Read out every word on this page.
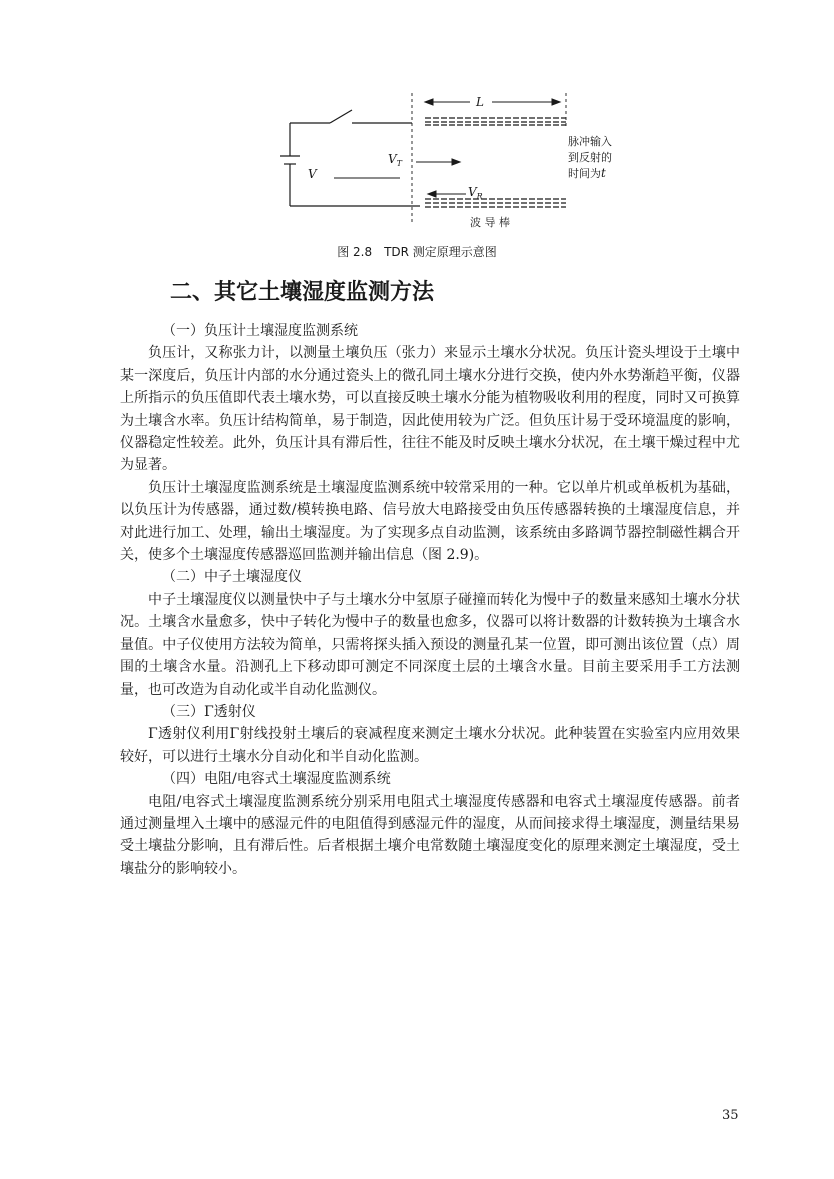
L
V
$V_T$
$V_R$
脉冲输入
到反射的
时间为t
波 导 棒
图 2.8　TDR 测定原理示意图
二、其它土壤湿度监测方法

（一）负压计土壤湿度监测系统

负压计，又称张力计，以测量土壤负压（张力）来显示土壤水分状况。负压计瓷头埋设于土壤中某一深度后，负压计内部的水分通过瓷头上的微孔同土壤水分进行交换，使内外水势渐趋平衡，仪器上所指示的负压值即代表土壤水势，可以直接反映土壤水分能为植物吸收利用的程度，同时又可换算为土壤含水率。负压计结构简单，易于制造，因此使用较为广泛。但负压计易于受环境温度的影响，仪器稳定性较差。此外，负压计具有滞后性，往往不能及时反映土壤水分状况，在土壤干燥过程中尤为显著。

负压计土壤湿度监测系统是土壤湿度监测系统中较常采用的一种。它以单片机或单板机为基础，以负压计为传感器，通过数/模转换电路、信号放大电路接受由负压传感器转换的土壤湿度信息，并对此进行加工、处理，输出土壤湿度。为了实现多点自动监测，该系统由多路调节器控制磁性耦合开关，使多个土壤湿度传感器巡回监测并输出信息（图 2.9)。

（二）中子土壤湿度仪

中子土壤湿度仪以测量快中子与土壤水分中氢原子碰撞而转化为慢中子的数量来感知土壤水分状况。土壤含水量愈多，快中子转化为慢中子的数量也愈多，仪器可以将计数器的计数转换为土壤含水量值。中子仪使用方法较为简单，只需将探头插入预设的测量孔某一位置，即可测出该位置（点）周围的土壤含水量。沿测孔上下移动即可测定不同深度土层的土壤含水量。目前主要采用手工方法测量，也可改造为自动化或半自动化监测仪。

（三）Γ透射仪

Γ透射仪利用Γ射线投射土壤后的衰减程度来测定土壤水分状况。此种装置在实验室内应用效果较好，可以进行土壤水分自动化和半自动化监测。

（四）电阻/电容式土壤湿度监测系统

电阻/电容式土壤湿度监测系统分别采用电阻式土壤湿度传感器和电容式土壤湿度传感器。前者通过测量埋入土壤中的感湿元件的电阻值得到感湿元件的湿度，从而间接求得土壤湿度，测量结果易受土壤盐分影响，且有滞后性。后者根据土壤介电常数随土壤湿度变化的原理来测定土壤湿度，受土壤盐分的影响较小。

35
